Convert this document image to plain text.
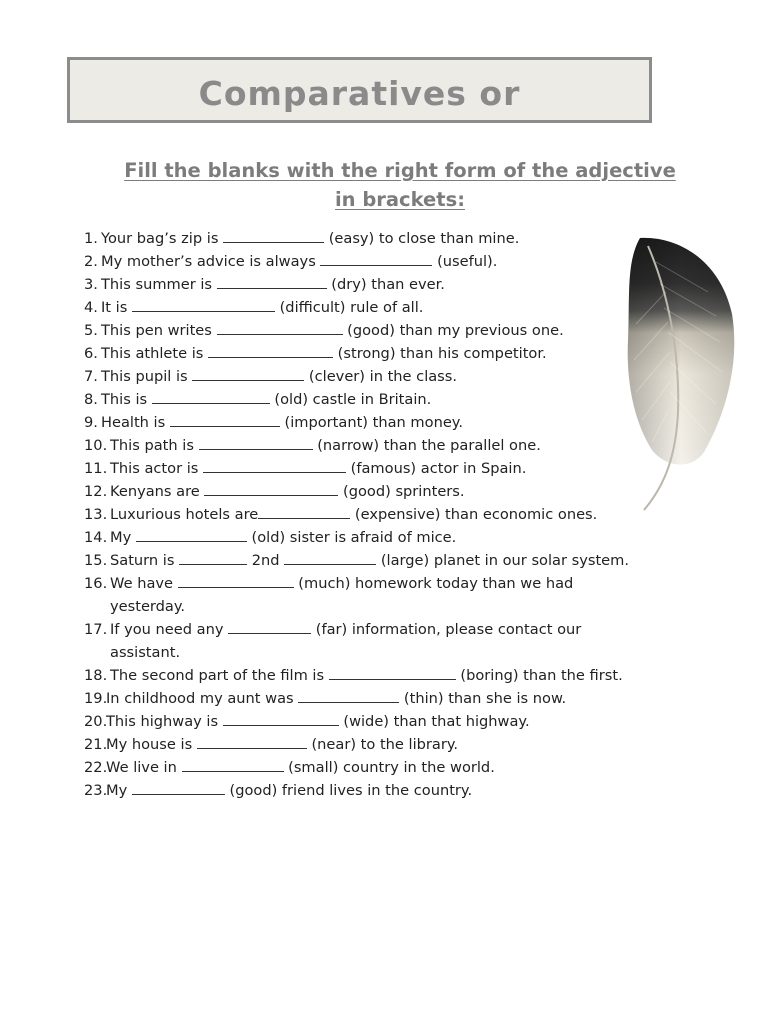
Comparatives or
Fill the blanks with the right form of the adjective in brackets:
1. Your bag’s zip is	(easy) to close than mine.
2. My mother’s advice is always	(useful).
3. This summer is	(dry) than ever.
4. It is	(difficult) rule of all.
5. This pen writes	(good) than my previous one.
6. This athlete is	(strong) than his competitor.
7. This pupil is	(clever) in the class.
8. This is	(old) castle in Britain.
9. Health is	(important) than money.
10. This path is	(narrow) than the parallel one.
11. This actor is	(famous) actor in Spain.
12. Kenyans are	(good) sprinters.
13. Luxurious hotels are	(expensive) than economic ones.
14. My	(old) sister is afraid of mice.
15. Saturn is	2nd	(large) planet in our solar system.
16. We have	(much) homework today than we had yesterday.
17. If you need any	(far) information, please contact our assistant.
18. The second part of the film is	(boring) than the first.
19.
In childhood my aunt was	(thin) than she is now.
20.
This highway is	(wide) than that highway.
21.
My house is	(near) to the library.
22.
We live in	(small) country in the world.
23.
My	(good) friend lives in the country.
